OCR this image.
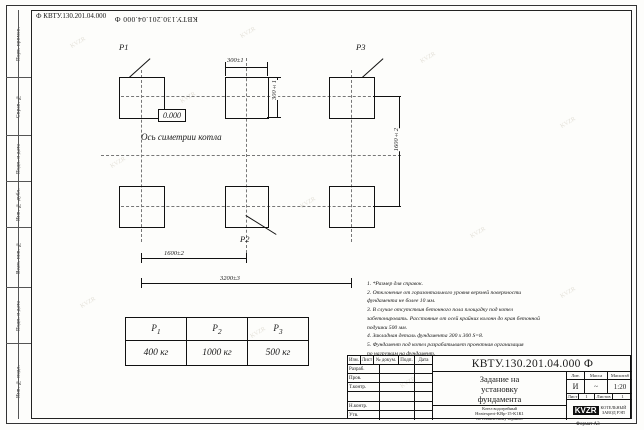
KVZR
KVZR
KVZR
KVZR
KVZR
KVZR
KVZR
KVZR
KVZR
KVZR
KVZR
KVZR
КВТУ.130.201.04.000 Ф
Ф КВТУ.130.201.04.000
P1	P3
P2
0.000
Ось симетрии котла
300±1
300±1
1600±2
1600±2
3200±3
1. *Размер для справок.
2. Отклонение от горизонтального уровня верхней поверхности
фундамента не более 10 мм.
3. В случае отсутствия бетонного пола площадку под котел
забетонировать. Расстояние от осей крайних колонн до края бетонной
подушки 500 мм.
4. Закладная деталь фундамента 300 x 300 S=8.
5. Фундамент под котел разрабатывает проектная организация
по нагрузкам на фундамент.
$P_1$	$P_2$	$P_3$
400 кг	1000 кг	500 кг
Изм. Лист № докум. Подп.	Дата
Разраб.
Пров.
Т.контр.
Н.контр.
Утв.
КВТУ.130.201.04.000 Ф
Задание на
установку
фундамента
Лит.	Масса	Масштаб
И	~	1:20
Лист	1	Листов	1
Котел водогрейный
Heatexpert-KВр-15-К1К1
по техническому заданию
KVZR КОТЕЛЬНЫЙ
ЗАВОД РЭП
Формат А3
